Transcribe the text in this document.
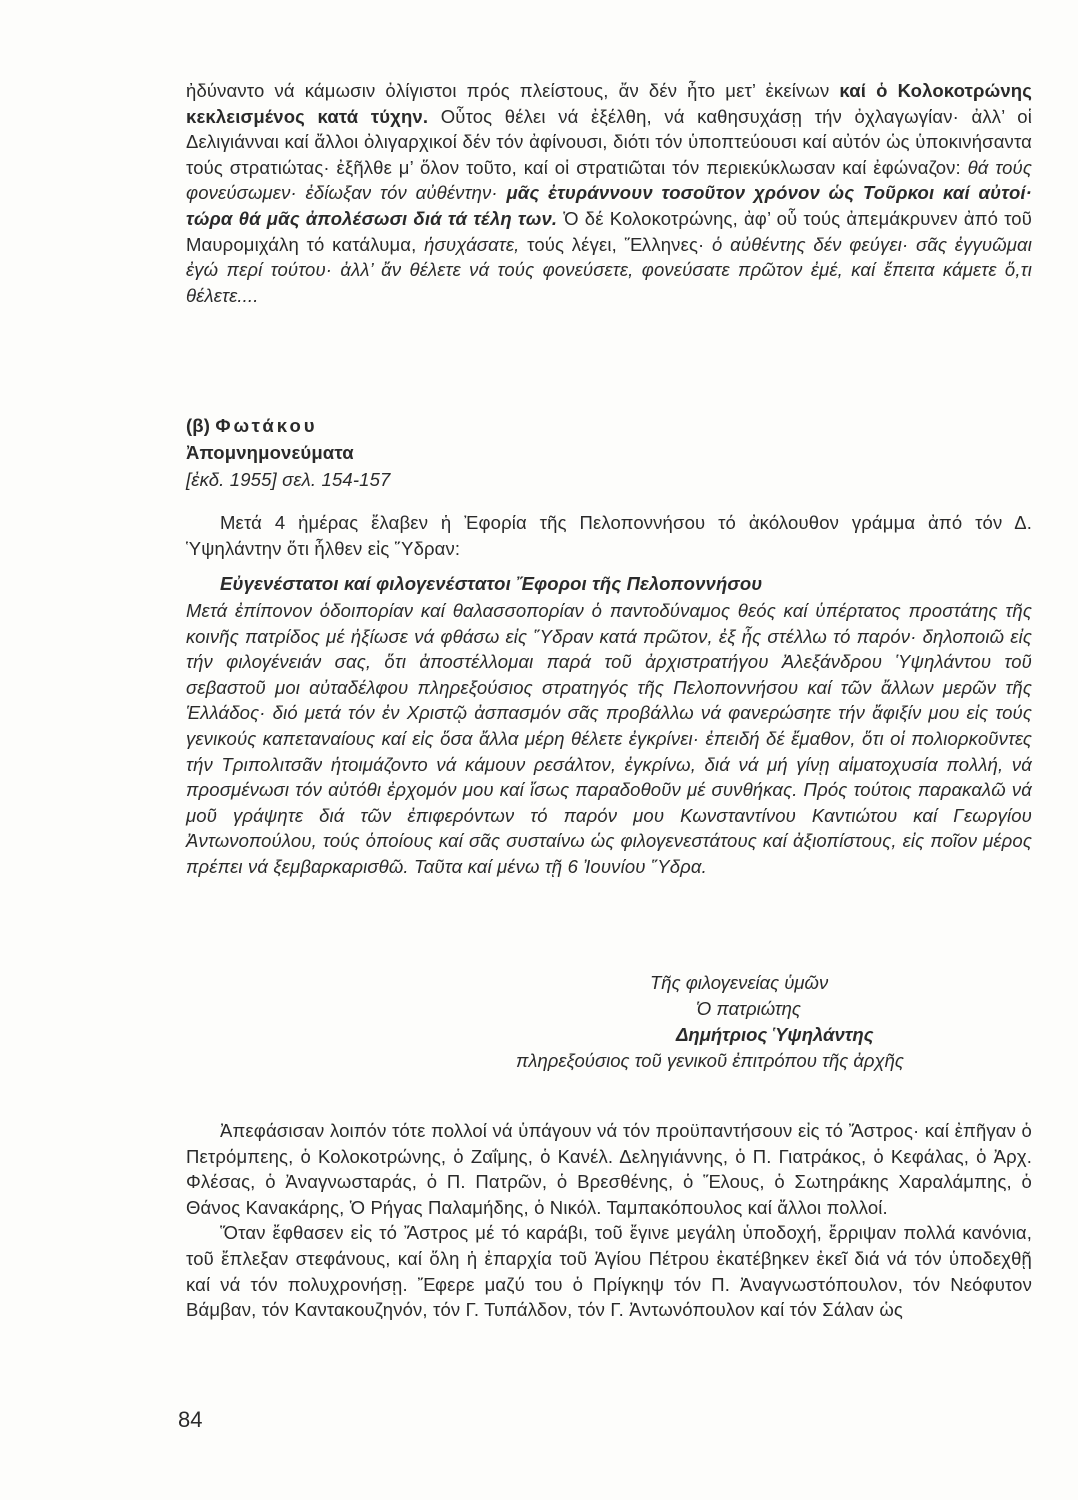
ἠδύναντο νά κάμωσιν ὀλίγιστοι πρός πλείστους, ἄν δέν ἦτο μετ’ ἐκείνων καί ὁ Κολοκοτρώνης κεκλεισμένος κατά τύχην. Οὗτος θέλει νά ἐξέλθη, νά καθησυχάσῃ τήν ὀχλαγωγίαν· ἀλλ’ οἱ Δελιγιάνναι καί ἄλλοι ὀλιγαρχικοί δέν τόν ἀφίνουσι, διότι τόν ὑποπτεύουσι καί αὐτόν ὡς ὑποκινήσαντα τούς στρατιώτας· ἐξῆλθε μ’ ὅλον τοῦτο, καί οἱ στρατιῶται τόν περιεκύκλωσαν καί ἐφώναζον: θά τούς φονεύσωμεν· ἐδίωξαν τόν αὐθέντην· μᾶς ἐτυράννουν τοσοῦτον χρόνον ὡς Τοῦρκοι καί αὐτοί· τώρα θά μᾶς ἀπολέσωσι διά τά τέλη των. Ὁ δέ Κολοκοτρώνης, ἀφ’ οὗ τούς ἀπεμάκρυνεν ἀπό τοῦ Μαυρομιχάλη τό κατάλυμα, ἡσυχάσατε, τούς λέγει, Ἕλληνες· ὁ αὐθέντης δέν φεύγει· σᾶς ἐγγυῶμαι ἐγώ περί τούτου· ἀλλ’ ἄν θέλετε νά τούς φονεύσετε, φονεύσατε πρῶτον ἐμέ, καί ἔπειτα κάμετε ὅ,τι θέλετε....

(β) Φωτάκου
Ἀπομνημονεύματα
[ἐκδ. 1955] σελ. 154-157

Μετά 4 ἡμέρας ἔλαβεν ἡ Ἐφορία τῆς Πελοποννήσου τό ἀκόλουθον γράμμα ἀπό τόν Δ. Ὑψηλάντην ὅτι ἦλθεν εἰς Ὕδραν:

Εὐγενέστατοι καί φιλογενέστατοι Ἔφοροι τῆς Πελοποννήσου

Μετά ἐπίπονον ὁδοιπορίαν καί θαλασσοπορίαν ὁ παντοδύναμος θεός καί ὑπέρτατος προστάτης τῆς κοινῆς πατρίδος μέ ἠξίωσε νά φθάσω εἰς Ὕδραν κατά πρῶτον, ἐξ ἧς στέλλω τό παρόν· δηλοποιῶ εἰς τήν φιλογένειάν σας, ὅτι ἀποστέλλομαι παρά τοῦ ἀρχιστρατήγου Ἀλεξάνδρου Ὑψηλάντου τοῦ σεβαστοῦ μοι αὐταδέλφου πληρεξούσιος στρατηγός τῆς Πελοποννήσου καί τῶν ἄλλων μερῶν τῆς Ἑλλάδος· διό μετά τόν ἐν Χριστῷ ἀσπασμόν σᾶς προβάλλω νά φανερώσητε τήν ἄφιξίν μου εἰς τούς γενικούς καπεταναίους καί εἰς ὅσα ἄλλα μέρη θέλετε ἐγκρίνει· ἐπειδή δέ ἔμαθον, ὅτι οἱ πολιορκοῦντες τήν Τριπολιτσᾶν ἡτοιμάζοντο νά κάμουν ρεσάλτον, ἐγκρίνω, διά νά μή γίνῃ αἱματοχυσία πολλή, νά προσμένωσι τόν αὐτόθι ἐρχομόν μου καί ἴσως παραδοθοῦν μέ συνθήκας. Πρός τούτοις παρακαλῶ νά μοῦ γράψητε διά τῶν ἐπιφερόντων τό παρόν μου Κωνσταντίνου Καντιώτου καί Γεωργίου Ἀντωνοπούλου, τούς ὁποίους καί σᾶς συσταίνω ὡς φιλογενεστάτους καί ἀξιοπίστους, εἰς ποῖον μέρος πρέπει νά ξεμβαρκαρισθῶ. Ταῦτα καί μένω τῇ 6 Ἰουνίου Ὕδρα.

Τῆς φιλογενείας ὑμῶν
Ὁ πατριώτης
Δημήτριος Ὑψηλάντης
πληρεξούσιος τοῦ γενικοῦ ἐπιτρόπου τῆς ἀρχῆς

Ἀπεφάσισαν λοιπόν τότε πολλοί νά ὑπάγουν νά τόν προϋπαντήσουν εἰς τό Ἄστρος· καί ἐπῆγαν ὁ Πετρόμπεης, ὁ Κολοκοτρώνης, ὁ Ζαΐμης, ὁ Κανέλ. Δεληγιάννης, ὁ Π. Γιατράκος, ὁ Κεφάλας, ὁ Ἀρχ. Φλέσας, ὁ Ἀναγνωσταράς, ὁ Π. Πατρῶν, ὁ Βρεσθένης, ὁ Ἕλους, ὁ Σωτηράκης Χαραλάμπης, ὁ Θάνος Κανακάρης, Ὁ Ρήγας Παλαμήδης, ὁ Νικόλ. Ταμπακόπουλος καί ἄλλοι πολλοί.

Ὅταν ἔφθασεν εἰς τό Ἄστρος μέ τό καράβι, τοῦ ἔγινε μεγάλη ὑποδοχή, ἔρριψαν πολλά κανόνια, τοῦ ἔπλεξαν στεφάνους, καί ὅλη ἡ ἐπαρχία τοῦ Ἁγίου Πέτρου ἐκατέβηκεν ἐκεῖ διά νά τόν ὑποδεχθῇ καί νά τόν πολυχρονήσῃ. Ἔφερε μαζύ του ὁ Πρίγκηψ τόν Π. Ἀναγνωστόπουλον, τόν Νεόφυτον Βάμβαν, τόν Καντακουζηνόν, τόν Γ. Τυπάλδον, τόν Γ. Ἀντωνόπουλον καί τόν Σάλαν ὡς

84
